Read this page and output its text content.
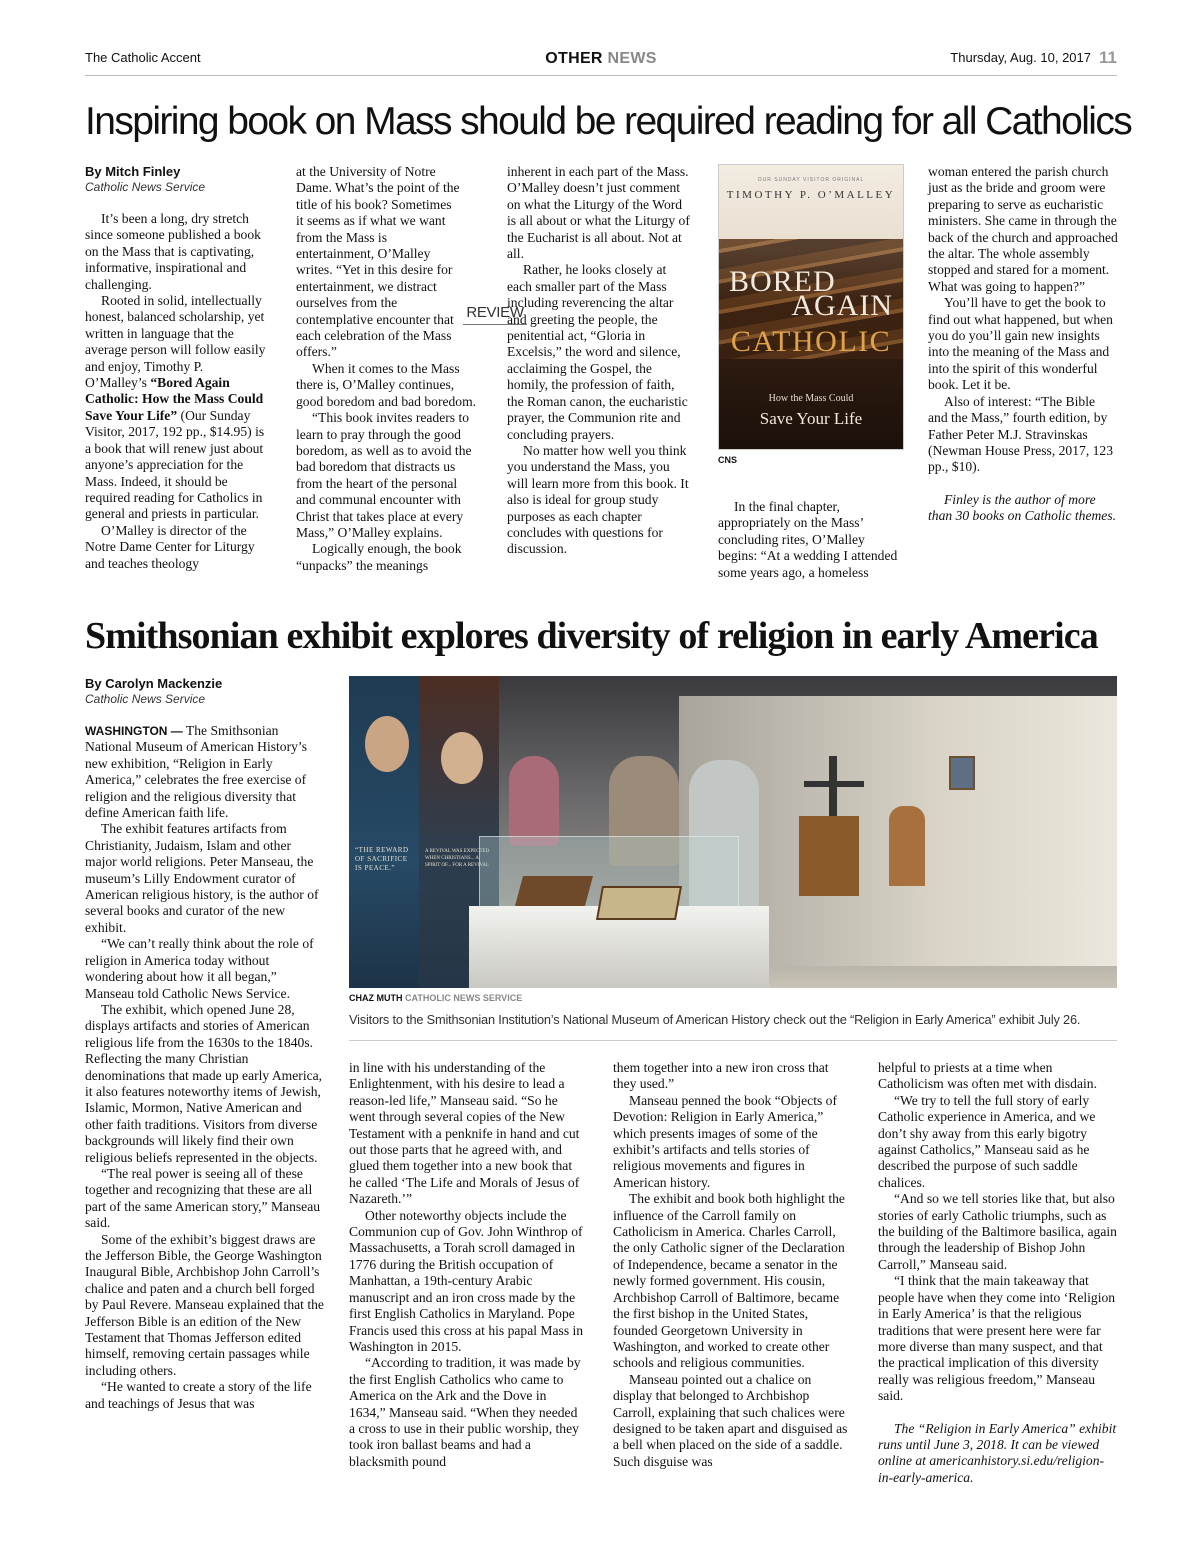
The Catholic Accent	OTHER NEWS	Thursday, Aug. 10, 2017 11
Inspiring book on Mass should be required reading for all Catholics
By Mitch Finley
Catholic News Service

It’s been a long, dry stretch since someone published a book on the Mass that is captivating, informative, inspirational and challenging.

Rooted in solid, intellectually honest, balanced scholarship, yet written in language that the average person will follow easily and enjoy, Timothy P. O’Malley’s “Bored Again Catholic: How the Mass Could Save Your Life” (Our Sunday Visitor, 2017, 192 pp., $14.95) is a book that will renew just about anyone’s appreciation for the Mass. Indeed, it should be required reading for Catholics in general and priests in particular.

O’Malley is director of the Notre Dame Center for Liturgy and teaches theology

at the University of Notre Dame. What’s the point of the title of his book? Sometimes it seems as if what we want from the Mass is entertainment, O’Malley writes. “Yet in this desire for entertainment, we distract ourselves from the contemplative encounter that each celebration of the Mass offers.”

When it comes to the Mass there is, O’Malley continues, good boredom and bad boredom.

“This book invites readers to learn to pray through the good boredom, as well as to avoid the bad boredom that distracts us from the heart of the personal and communal encounter with Christ that takes place at every Mass,” O’Malley explains.

Logically enough, the book “unpacks” the meanings

REVIEW

inherent in each part of the Mass. O’Malley doesn’t just comment on what the Liturgy of the Word is all about or what the Liturgy of the Eucharist is all about. Not at all.

Rather, he looks closely at each smaller part of the Mass including reverencing the altar and greeting the people, the penitential act, “Gloria in Excelsis,” the word and silence, acclaiming the Gospel, the homily, the profession of faith, the Roman canon, the eucharistic prayer, the Communion rite and concluding prayers.

No matter how well you think you understand the Mass, you will learn more from this book. It also is ideal for group study purposes as each chapter concludes with questions for discussion.

OUR SUNDAY VISITOR ORIGINAL
TIMOTHY P. O’MALLEY
BORED
AGAIN
CATHOLIC
How the Mass Could
Save Your Life
CNS

In the final chapter, appropriately on the Mass’ concluding rites, O’Malley begins: “At a wedding I attended some years ago, a homeless

woman entered the parish church just as the bride and groom were preparing to serve as eucharistic ministers. She came in through the back of the church and approached the altar. The whole assembly stopped and stared for a moment. What was going to happen?”

You’ll have to get the book to find out what happened, but when you do you’ll gain new insights into the meaning of the Mass and into the spirit of this wonderful book. Let it be.

Also of interest: “The Bible and the Mass,” fourth edition, by Father Peter M.J. Stravinskas (Newman House Press, 2017, 123 pp., $10).

Finley is the author of more than 30 books on Catholic themes.

Smithsonian exhibit explores diversity of religion in early America
By Carolyn Mackenzie
Catholic News Service

WASHINGTON — The Smithsonian National Museum of American History’s new exhibition, “Religion in Early America,” celebrates the free exercise of religion and the religious diversity that define American faith life.

The exhibit features artifacts from Christianity, Judaism, Islam and other major world religions. Peter Manseau, the museum’s Lilly Endowment curator of American religious history, is the author of several books and curator of the new exhibit.

“We can’t really think about the role of religion in America today without wondering about how it all began,” Manseau told Catholic News Service.

The exhibit, which opened June 28, displays artifacts and stories of American religious life from the 1630s to the 1840s. Reflecting the many Christian denominations that made up early America, it also features noteworthy items of Jewish, Islamic, Mormon, Native American and other faith traditions. Visitors from diverse backgrounds will likely find their own religious beliefs represented in the objects.

“The real power is seeing all of these together and recognizing that these are all part of the same American story,” Manseau said.

Some of the exhibit’s biggest draws are the Jefferson Bible, the George Washington Inaugural Bible, Archbishop John Carroll’s chalice and paten and a church bell forged by Paul Revere. Manseau explained that the Jefferson Bible is an edition of the New Testament that Thomas Jefferson edited himself, removing certain passages while including others.

“He wanted to create a story of the life and teachings of Jesus that was

“THE REWARD OF SACRIFICE IS PEACE.”
A REVIVAL WAS EXPECTED WHEN CHRISTIANS... A SPIRIT OF... FOR A REVIVAL
CHAZ MUTH CATHOLIC NEWS SERVICE
Visitors to the Smithsonian Institution’s National Museum of American History check out the “Religion in Early America” exhibit July 26.

in line with his understanding of the Enlightenment, with his desire to lead a reason-led life,” Manseau said. “So he went through several copies of the New Testament with a penknife in hand and cut out those parts that he agreed with, and glued them together into a new book that he called ‘The Life and Morals of Jesus of Nazareth.’”

Other noteworthy objects include the Communion cup of Gov. John Winthrop of Massachusetts, a Torah scroll damaged in 1776 during the British occupation of Manhattan, a 19th-century Arabic manuscript and an iron cross made by the first English Catholics in Maryland. Pope Francis used this cross at his papal Mass in Washington in 2015.

“According to tradition, it was made by the first English Catholics who came to America on the Ark and the Dove in 1634,” Manseau said. “When they needed a cross to use in their public worship, they took iron ballast beams and had a blacksmith pound

them together into a new iron cross that they used.”

Manseau penned the book “Objects of Devotion: Religion in Early America,” which presents images of some of the exhibit’s artifacts and tells stories of religious movements and figures in American history.

The exhibit and book both highlight the influence of the Carroll family on Catholicism in America. Charles Carroll, the only Catholic signer of the Declaration of Independence, became a senator in the newly formed government. His cousin, Archbishop Carroll of Baltimore, became the first bishop in the United States, founded Georgetown University in Washington, and worked to create other schools and religious communities.

Manseau pointed out a chalice on display that belonged to Archbishop Carroll, explaining that such chalices were designed to be taken apart and disguised as a bell when placed on the side of a saddle. Such disguise was

helpful to priests at a time when Catholicism was often met with disdain.

“We try to tell the full story of early Catholic experience in America, and we don’t shy away from this early bigotry against Catholics,” Manseau said as he described the purpose of such saddle chalices.

“And so we tell stories like that, but also stories of early Catholic triumphs, such as the building of the Baltimore basilica, again through the leadership of Bishop John Carroll,” Manseau said.

“I think that the main takeaway that people have when they come into ‘Religion in Early America’ is that the religious traditions that were present here were far more diverse than many suspect, and that the practical implication of this diversity really was religious freedom,” Manseau said.

The “Religion in Early America” exhibit runs until June 3, 2018. It can be viewed online at americanhistory.si.edu/religion-in-early-america.
